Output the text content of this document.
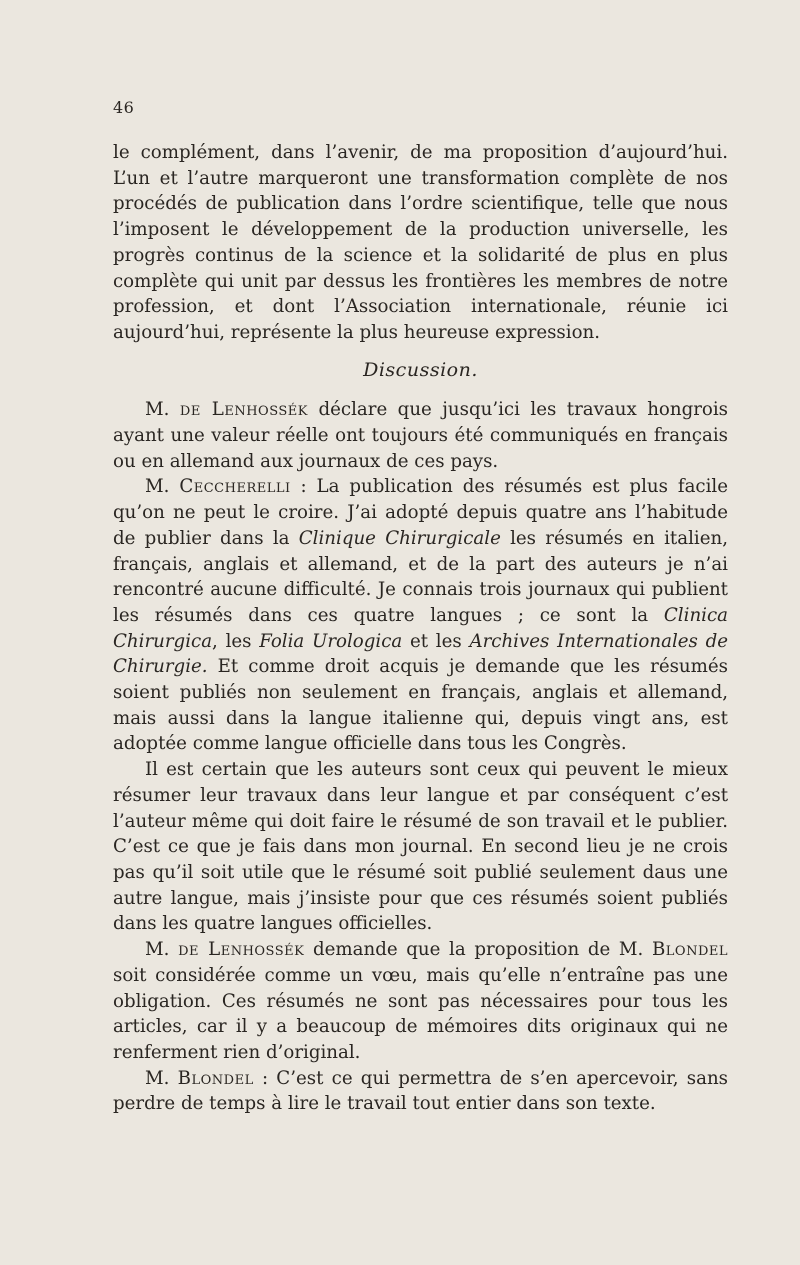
46

le complément, dans l’avenir, de ma proposition d’aujourd’hui. L’un et l’autre marqueront une transformation complète de nos procédés de publication dans l’ordre scientifique, telle que nous l’imposent le développement de la production universelle, les progrès continus de la science et la solidarité de plus en plus complète qui unit par dessus les frontières les membres de notre profession, et dont l’Association internationale, réunie ici aujourd’hui, représente la plus heureuse expression.

Discussion.

M. de Lenhossék déclare que jusqu’ici les travaux hongrois ayant une valeur réelle ont toujours été communiqués en français ou en allemand aux journaux de ces pays.

M. Ceccherelli : La publication des résumés est plus facile qu’on ne peut le croire. J’ai adopté depuis quatre ans l’habitude de publier dans la Clinique Chirurgicale les résumés en italien, français, anglais et allemand, et de la part des auteurs je n’ai rencontré aucune difficulté. Je connais trois journaux qui publient les résumés dans ces quatre langues ; ce sont la Clinica Chirurgica, les Folia Urologica et les Archives Internationales de Chirurgie. Et comme droit acquis je demande que les résumés soient publiés non seulement en français, anglais et allemand, mais aussi dans la langue italienne qui, depuis vingt ans, est adoptée comme langue officielle dans tous les Congrès.

Il est certain que les auteurs sont ceux qui peuvent le mieux résumer leur travaux dans leur langue et par conséquent c’est l’auteur même qui doit faire le résumé de son travail et le publier. C’est ce que je fais dans mon journal. En second lieu je ne crois pas qu’il soit utile que le résumé soit publié seulement daus une autre langue, mais j’insiste pour que ces résumés soient publiés dans les quatre langues officielles.

M. de Lenhossék demande que la proposition de M. Blondel soit considérée comme un vœu, mais qu’elle n’entraîne pas une obligation. Ces résumés ne sont pas nécessaires pour tous les articles, car il y a beaucoup de mémoires dits originaux qui ne renferment rien d’original.

M. Blondel : C’est ce qui permettra de s’en apercevoir, sans perdre de temps à lire le travail tout entier dans son texte.
